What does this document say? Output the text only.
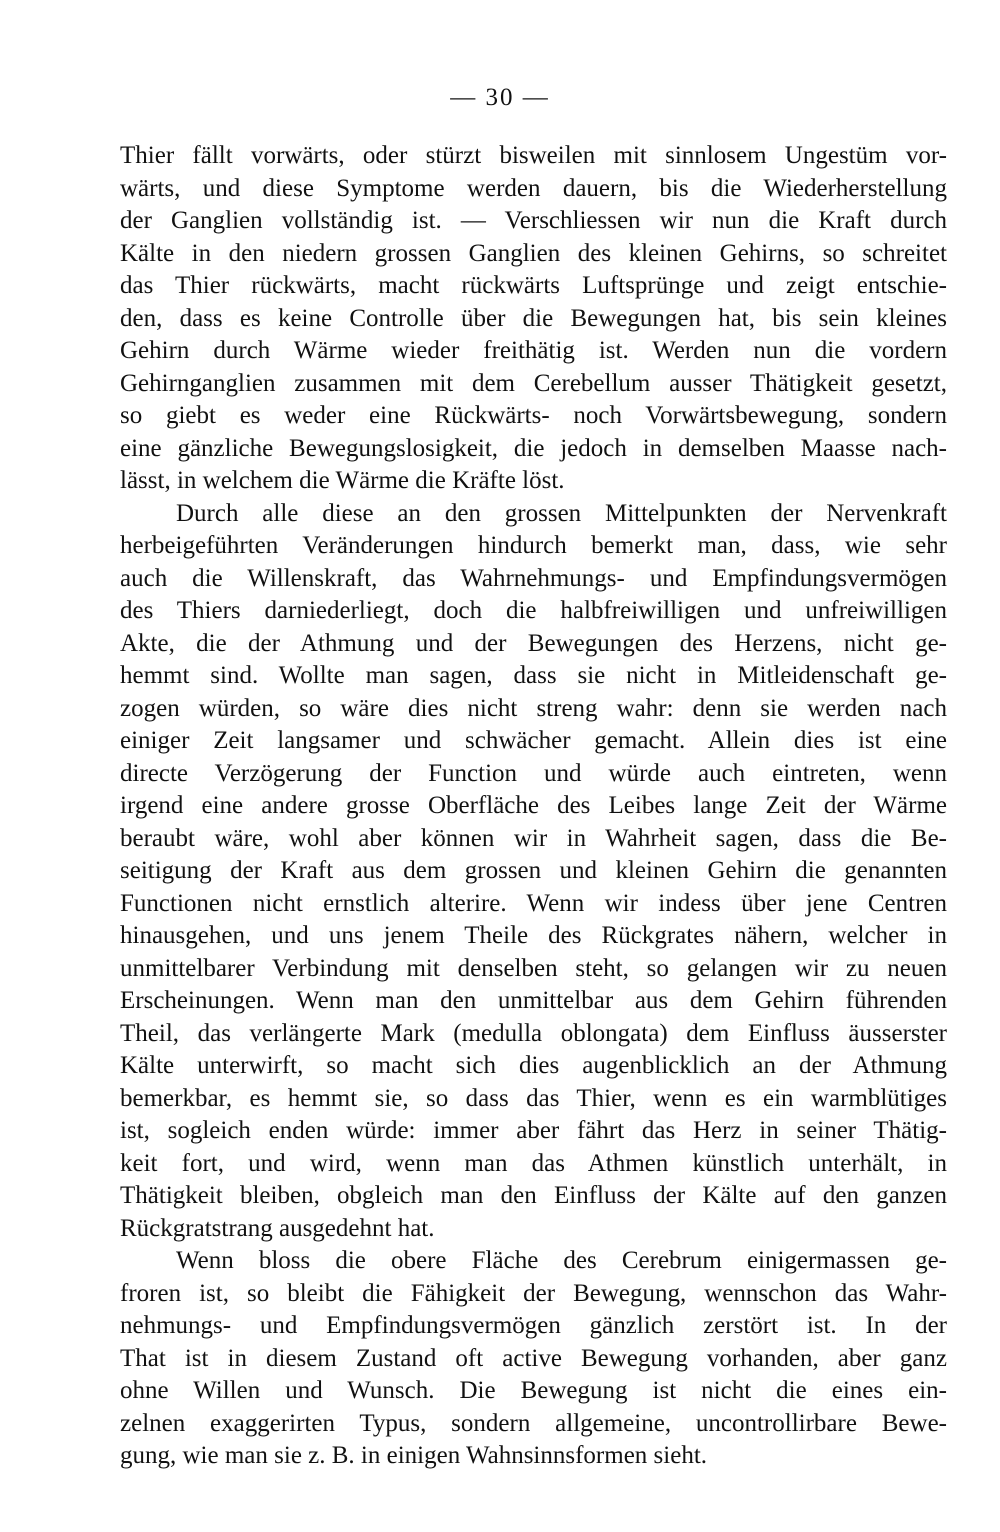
— 30 —
Thier fällt vorwärts, oder stürzt bisweilen mit sinnlosem Ungestüm vor-
wärts, und diese Symptome werden dauern, bis die Wiederherstellung
der Ganglien vollständig ist. — Verschliessen wir nun die Kraft durch
Kälte in den niedern grossen Ganglien des kleinen Gehirns, so schreitet
das Thier rückwärts, macht rückwärts Luftsprünge und zeigt entschie-
den, dass es keine Controlle über die Bewegungen hat, bis sein kleines
Gehirn durch Wärme wieder freithätig ist. Werden nun die vordern
Gehirnganglien zusammen mit dem Cerebellum ausser Thätigkeit gesetzt,
so giebt es weder eine Rückwärts- noch Vorwärtsbewegung, sondern
eine gänzliche Bewegungslosigkeit, die jedoch in demselben Maasse nach-
lässt, in welchem die Wärme die Kräfte löst.
Durch alle diese an den grossen Mittelpunkten der Nervenkraft
herbeigeführten Veränderungen hindurch bemerkt man, dass, wie sehr
auch die Willenskraft, das Wahrnehmungs- und Empfindungsvermögen
des Thiers darniederliegt, doch die halbfreiwilligen und unfreiwilligen
Akte, die der Athmung und der Bewegungen des Herzens, nicht ge-
hemmt sind. Wollte man sagen, dass sie nicht in Mitleidenschaft ge-
zogen würden, so wäre dies nicht streng wahr: denn sie werden nach
einiger Zeit langsamer und schwächer gemacht. Allein dies ist eine
directe Verzögerung der Function und würde auch eintreten, wenn
irgend eine andere grosse Oberfläche des Leibes lange Zeit der Wärme
beraubt wäre, wohl aber können wir in Wahrheit sagen, dass die Be-
seitigung der Kraft aus dem grossen und kleinen Gehirn die genannten
Functionen nicht ernstlich alterire. Wenn wir indess über jene Centren
hinausgehen, und uns jenem Theile des Rückgrates nähern, welcher in
unmittelbarer Verbindung mit denselben steht, so gelangen wir zu neuen
Erscheinungen. Wenn man den unmittelbar aus dem Gehirn führenden
Theil, das verlängerte Mark (medulla oblongata) dem Einfluss äusserster
Kälte unterwirft, so macht sich dies augenblicklich an der Athmung
bemerkbar, es hemmt sie, so dass das Thier, wenn es ein warmblütiges
ist, sogleich enden würde: immer aber fährt das Herz in seiner Thätig-
keit fort, und wird, wenn man das Athmen künstlich unterhält, in
Thätigkeit bleiben, obgleich man den Einfluss der Kälte auf den ganzen
Rückgratstrang ausgedehnt hat.
Wenn bloss die obere Fläche des Cerebrum einigermassen ge-
froren ist, so bleibt die Fähigkeit der Bewegung, wennschon das Wahr-
nehmungs- und Empfindungsvermögen gänzlich zerstört ist. In der
That ist in diesem Zustand oft active Bewegung vorhanden, aber ganz
ohne Willen und Wunsch. Die Bewegung ist nicht die eines ein-
zelnen exaggerirten Typus, sondern allgemeine, uncontrollirbare Bewe-
gung, wie man sie z. B. in einigen Wahnsinnsformen sieht.
